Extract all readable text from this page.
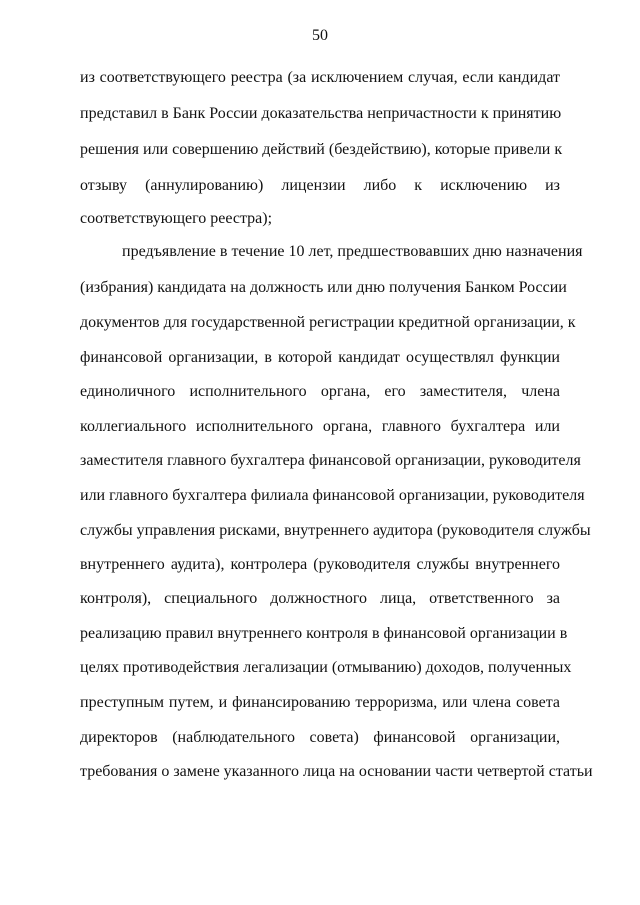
50
из соответствующего реестра (за исключением случая, если кандидат
представил в Банк России доказательства непричастности к принятию
решения или совершению действий (бездействию), которые привели к
отзыву (аннулированию) лицензии либо к исключению из
соответствующего реестра);
предъявление в течение 10 лет, предшествовавших дню назначения
(избрания) кандидата на должность или дню получения Банком России
документов для государственной регистрации кредитной организации, к
финансовой организации, в которой кандидат осуществлял функции
единоличного исполнительного органа, его заместителя, члена
коллегиального исполнительного органа, главного бухгалтера или
заместителя главного бухгалтера финансовой организации, руководителя
или главного бухгалтера филиала финансовой организации, руководителя
службы управления рисками, внутреннего аудитора (руководителя службы
внутреннего аудита), контролера (руководителя службы внутреннего
контроля), специального должностного лица, ответственного за
реализацию правил внутреннего контроля в финансовой организации в
целях противодействия легализации (отмыванию) доходов, полученных
преступным путем, и финансированию терроризма, или члена совета
директоров (наблюдательного совета) финансовой организации,
требования о замене указанного лица на основании части четвертой статьи
